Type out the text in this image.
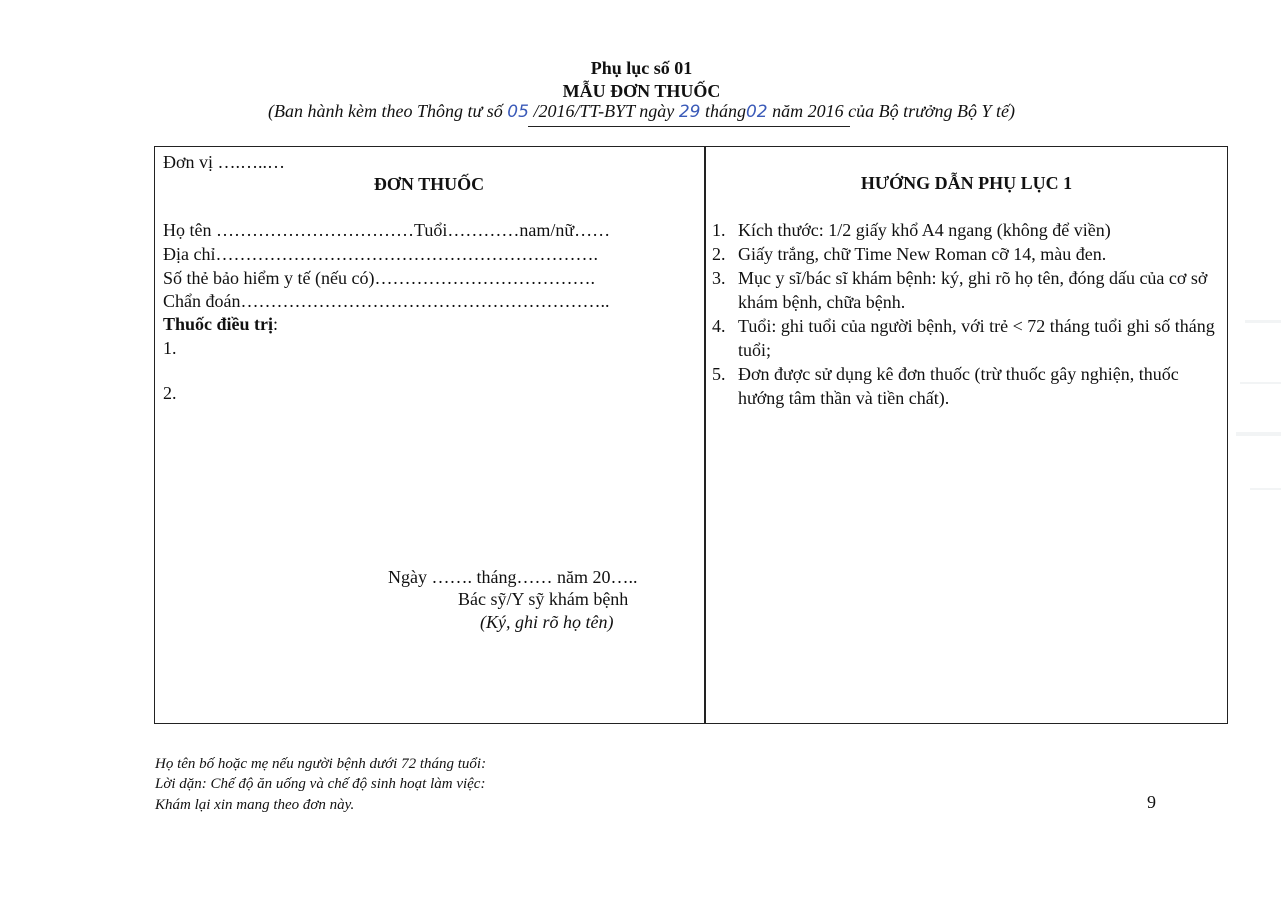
Phụ lục số 01
MẪU ĐƠN THUỐC
(Ban hành kèm theo Thông tư số 05 /2016/TT-BYT ngày 29 tháng02 năm 2016 của Bộ trưởng Bộ Y tế)
Đơn vị ….…..…
ĐƠN THUỐC
Họ tên ……………………………Tuổi…………nam/nữ……
Địa chỉ……………………………………………………….
Số thẻ bảo hiểm y tế (nếu có)……………………………….
Chẩn đoán……………………………………………………..
Thuốc điều trị:
1.
2.
Ngày ……. tháng…… năm 20…..
Bác sỹ/Y sỹ khám bệnh
(Ký, ghi rõ họ tên)
HƯỚNG DẪN PHỤ LỤC 1
1. Kích thước: 1/2 giấy khổ A4 ngang (không để viền)
2. Giấy trắng, chữ Time New Roman cỡ 14, màu đen.
3. Mục y sĩ/bác sĩ khám bệnh: ký, ghi rõ họ tên, đóng dấu của cơ sở khám bệnh, chữa bệnh.
4. Tuổi: ghi tuổi của người bệnh, với trẻ < 72 tháng tuổi ghi số tháng tuổi;
5. Đơn được sử dụng kê đơn thuốc (trừ thuốc gây nghiện, thuốc hướng tâm thần và tiền chất).
Họ tên bố hoặc mẹ nếu người bệnh dưới 72 tháng tuổi:
Lời dặn: Chế độ ăn uống và chế độ sinh hoạt làm việc:
Khám lại xin mang theo đơn này.	9
